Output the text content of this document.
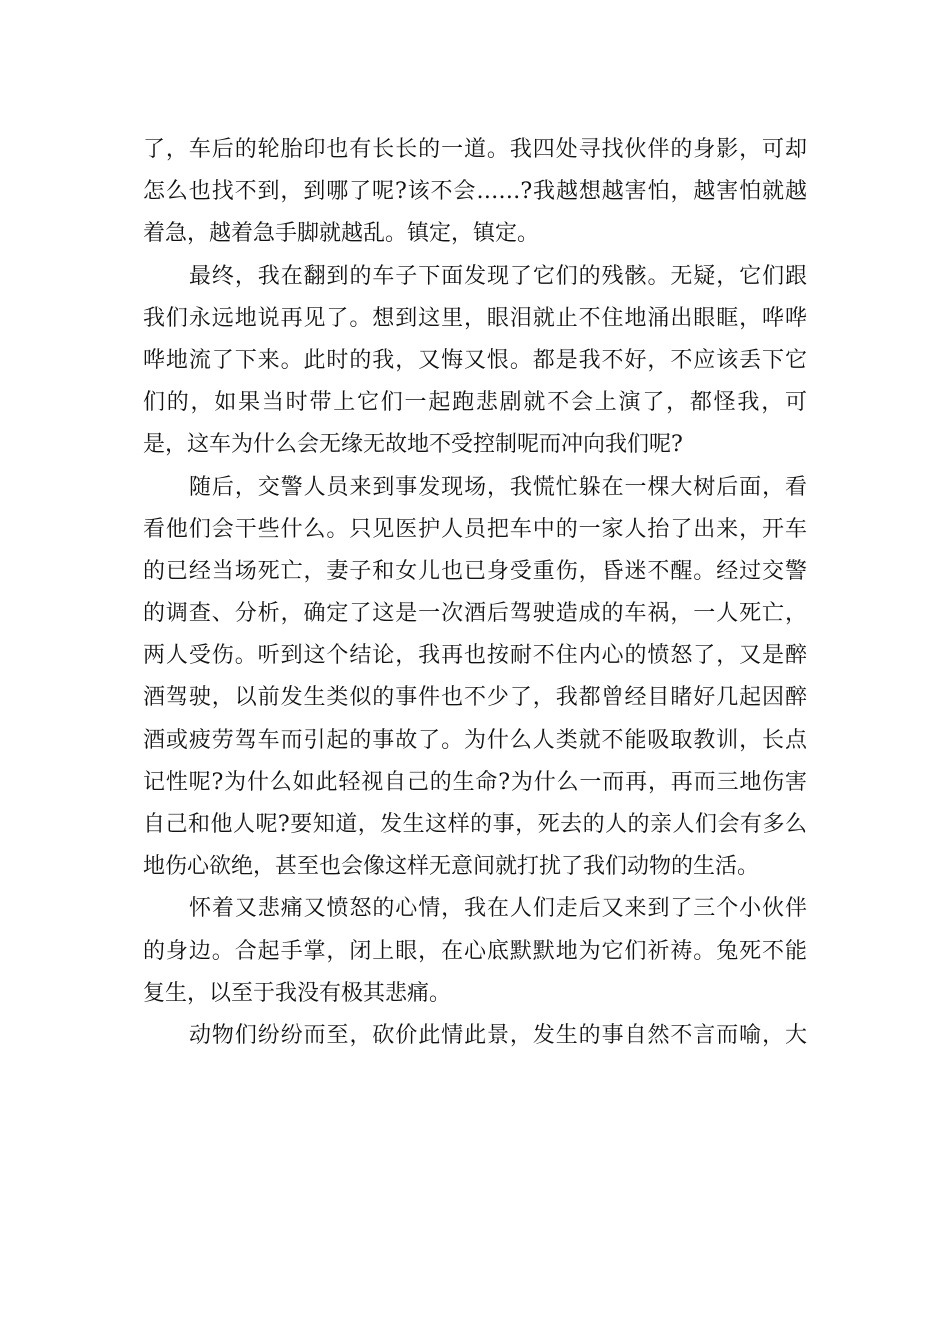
了，车后的轮胎印也有长长的一道。我四处寻找伙伴的身影，可却
怎么也找不到，到哪了呢?该不会……?我越想越害怕，越害怕就越
着急，越着急手脚就越乱。镇定，镇定。
最终，我在翻到的车子下面发现了它们的残骸。无疑，它们跟
我们永远地说再见了。想到这里，眼泪就止不住地涌出眼眶，哗哗
哗地流了下来。此时的我，又悔又恨。都是我不好，不应该丢下它
们的，如果当时带上它们一起跑悲剧就不会上演了，都怪我，可
是，这车为什么会无缘无故地不受控制呢而冲向我们呢?
随后，交警人员来到事发现场，我慌忙躲在一棵大树后面，看
看他们会干些什么。只见医护人员把车中的一家人抬了出来，开车
的已经当场死亡，妻子和女儿也已身受重伤，昏迷不醒。经过交警
的调查、分析，确定了这是一次酒后驾驶造成的车祸，一人死亡，
两人受伤。听到这个结论，我再也按耐不住内心的愤怒了，又是醉
酒驾驶，以前发生类似的事件也不少了，我都曾经目睹好几起因醉
酒或疲劳驾车而引起的事故了。为什么人类就不能吸取教训，长点
记性呢?为什么如此轻视自己的生命?为什么一而再，再而三地伤害
自己和他人呢?要知道，发生这样的事，死去的人的亲人们会有多么
地伤心欲绝，甚至也会像这样无意间就打扰了我们动物的生活。
怀着又悲痛又愤怒的心情，我在人们走后又来到了三个小伙伴
的身边。合起手掌，闭上眼，在心底默默地为它们祈祷。兔死不能
复生，以至于我没有极其悲痛。
动物们纷纷而至，砍价此情此景，发生的事自然不言而喻，大
